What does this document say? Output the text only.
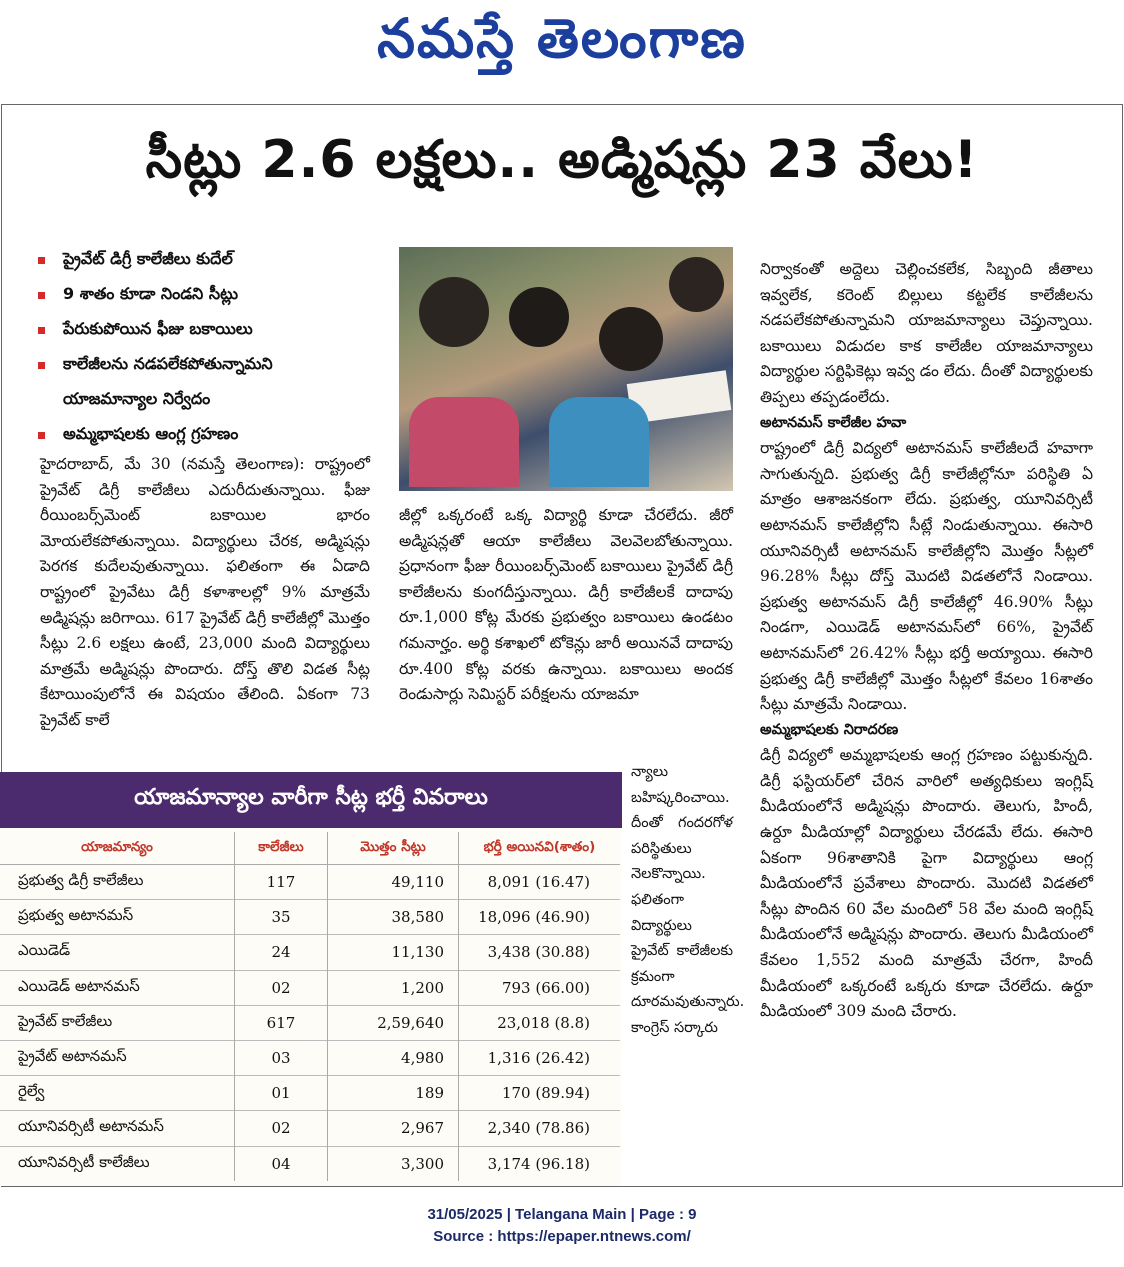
నమస్తే తెలంగాణ
సీట్లు 2.6 లక్షలు.. అడ్మిషన్లు 23 వేలు!
ప్రైవేట్ డిగ్రీ కాలేజీలు కుదేల్
9 శాతం కూడా నిండని సీట్లు
పేరుకుపోయిన ఫీజు బకాయిలు
కాలేజీలను నడపలేకపోతున్నామని
యాజమాన్యాల నిర్వేదం
అమ్మభాషలకు ఆంగ్ల గ్రహణం

హైదరాబాద్, మే 30 (నమస్తే తెలంగాణ): రాష్ట్రంలో ప్రైవేట్ డిగ్రీ కాలేజీలు ఎదురీదుతున్నాయి. ఫీజు రీయింబర్స్‌మెంట్ బకాయిల భారం మోయలేకపోతున్నాయి. విద్యార్థులు చేరక, అడ్మిషన్లు పెరగక కుదేలవుతున్నాయి. ఫలితంగా ఈ ఏడాది రాష్ట్రంలో ప్రైవేటు డిగ్రీ కళాశాలల్లో 9% మాత్రమే అడ్మిషన్లు జరిగాయి. 617 ప్రైవేట్ డిగ్రీ కాలేజీల్లో మొత్తం సీట్లు 2.6 లక్షలు ఉంటే, 23,000 మంది విద్యార్థులు మాత్రమే అడ్మిషన్లు పొందారు. దోస్త్ తొలి విడత సీట్ల కేటాయింపులోనే ఈ విషయం తేలింది. ఏకంగా 73 ప్రైవేట్ కాలే

జీల్లో ఒక్కరంటే ఒక్క విద్యార్థి కూడా చేరలేదు. జీరో అడ్మిషన్లతో ఆయా కాలేజీలు వెలవెలబోతున్నాయి. ప్రధానంగా ఫీజు రీయింబర్స్‌మెంట్ బకాయిలు ప్రైవేట్ డిగ్రీ కాలేజీలను కుంగదీస్తున్నాయి. డిగ్రీ కాలేజీలకే దాదాపు రూ.1,000 కోట్ల మేరకు ప్రభుత్వం బకాయిలు ఉండటం గమనార్హం. అర్థి కశాఖలో టోకెన్లు జారీ అయినవే దాదాపు రూ.400 కోట్ల వరకు ఉన్నాయి. బకాయిలు అందక రెండుసార్లు సెమిస్టర్ పరీక్షలను యాజమా

న్యాలు బహిష్కరించాయి. దీంతో గందరగోళ పరిస్థితులు నెలకొన్నాయి. ఫలితంగా విద్యార్థులు ప్రైవేట్ కాలేజీలకు క్రమంగా దూరమవుతున్నారు. కాంగ్రెస్ సర్కారు

నిర్వాకంతో అద్దెలు చెల్లించకలేక, సిబ్బంది జీతాలు ఇవ్వలేక, కరెంట్ బిల్లులు కట్టలేక కాలేజీలను నడపలేకపోతున్నామని యాజమాన్యాలు చెప్తున్నాయి. బకాయిలు విడుదల కాక కాలేజీల యాజమాన్యాలు విద్యార్థుల సర్టిఫికెట్లు ఇవ్వ డం లేదు. దీంతో విద్యార్థులకు తిప్పలు తప్పడంలేదు.

అటానమస్ కాలేజీల హవా

రాష్ట్రంలో డిగ్రీ విద్యలో అటానమస్ కాలేజీలదే హవాగా సాగుతున్నది. ప్రభుత్వ డిగ్రీ కాలేజీల్లోనూ పరిస్థితి ఏ మాత్రం ఆశాజనకంగా లేదు. ప్రభుత్వ, యూనివర్సిటీ అటానమస్ కాలేజీల్లోని సీట్లే నిండుతున్నాయి. ఈసారి యూనివర్సిటీ అటానమస్ కాలేజీల్లోని మొత్తం సీట్లలో 96.28% సీట్లు దోస్త్ మొదటి విడతలోనే నిండాయి. ప్రభుత్వ అటానమస్ డిగ్రీ కాలేజీల్లో 46.90% సీట్లు నిండగా, ఎయిడెడ్ అటానమస్‌లో 66%, ప్రైవేట్ అటానమస్‌లో 26.42% సీట్లు భర్తీ అయ్యాయి. ఈసారి ప్రభుత్వ డిగ్రీ కాలేజీల్లో మొత్తం సీట్లలో కేవలం 16శాతం సీట్లు మాత్రమే నిండాయి.

అమ్మభాషలకు నిరాదరణ

డిగ్రీ విద్యలో అమ్మభాషలకు ఆంగ్ల గ్రహణం పట్టుకున్నది. డిగ్రీ ఫస్టియర్‌లో చేరిన వారిలో అత్యధికులు ఇంగ్లిష్ మీడియంలోనే అడ్మిషన్లు పొందారు. తెలుగు, హిందీ, ఉర్దూ మీడియాల్లో విద్యార్థులు చేరడమే లేదు. ఈసారి ఏకంగా 96శాతానికి పైగా విద్యార్థులు ఆంగ్ల మీడియంలోనే ప్రవేశాలు పొందారు. మొదటి విడతలో సీట్లు పొందిన 60 వేల మందిలో 58 వేల మంది ఇంగ్లిష్ మీడియంలోనే అడ్మిషన్లు పొందారు. తెలుగు మీడియంలో కేవలం 1,552 మంది మాత్రమే చేరగా, హిందీ మీడియంలో ఒక్కరంటే ఒక్కరు కూడా చేరలేదు. ఉర్దూ మీడియంలో 309 మంది చేరారు.

యాజమాన్యాల వారీగా సీట్ల భర్తీ వివరాలు
యాజమాన్యం	కాలేజీలు	మొత్తం సీట్లు	భర్తీ అయినవి(శాతం)
ప్రభుత్వ డిగ్రీ కాలేజీలు	117	49,110	8,091 (16.47)
ప్రభుత్వ అటానమస్	35	38,580	18,096 (46.90)
ఎయిడెడ్	24	11,130	3,438 (30.88)
ఎయిడెడ్ అటానమస్	02	1,200	793 (66.00)
ప్రైవేట్ కాలేజీలు	617	2,59,640	23,018 (8.8)
ప్రైవేట్ అటానమస్	03	4,980	1,316 (26.42)
రైల్వే	01	189	170 (89.94)
యూనివర్సిటీ అటానమస్	02	2,967	2,340 (78.86)
యూనివర్సిటీ కాలేజీలు	04	3,300	3,174 (96.18)
31/05/2025 | Telangana Main | Page : 9
Source : https://epaper.ntnews.com/
